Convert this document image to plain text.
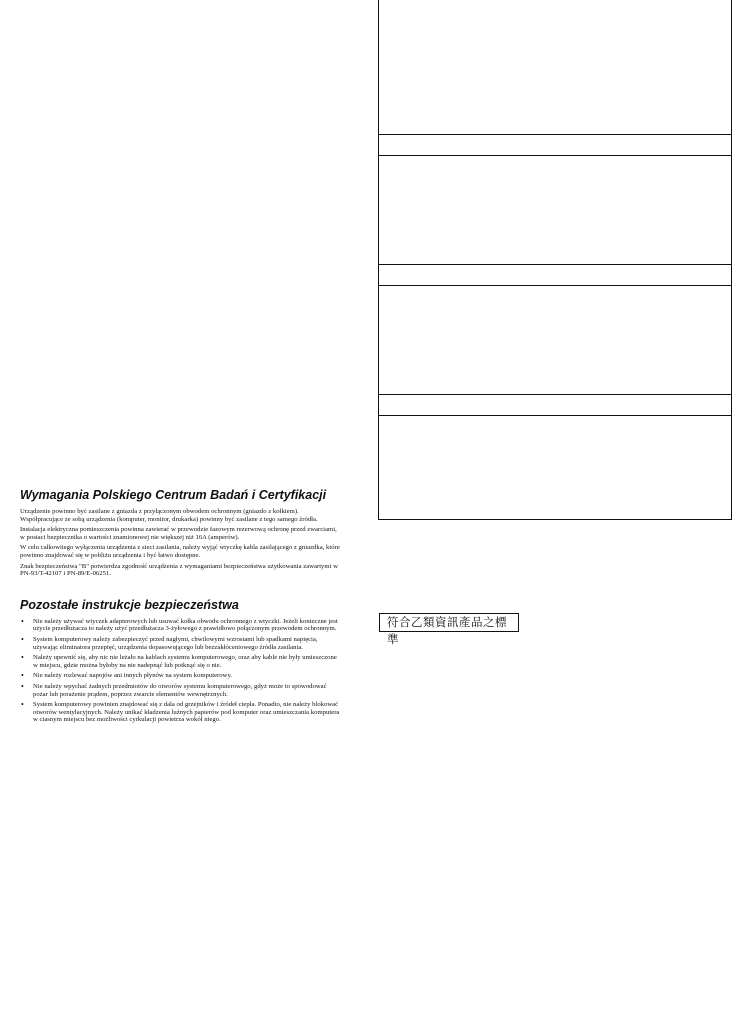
Wymagania Polskiego Centrum Badań i Certyfikacji

Urządzenie powinno być zasilane z gniazda z przyłączonym obwodem ochronnym (gniazdo z kołkiem). Współpracujące ze sobą urządzenia (komputer, monitor, drukarka) powinny być zasilane z tego samego źródła.

Instalacja elektryczna pomieszczenia powinna zawierać w przewodzie fazowym rezerwową ochronę przed zwarciami, w postaci bezpiecznika o wartości znamionowej nie większej niż 16A (amperów).

W celu całkowitego wyłączenia urządzenia z sieci zasilania, należy wyjąć wtyczkę kabla zasilającego z gniazdka, które powinno znajdować się w pobliżu urządzenia i być łatwo dostępne.

Znak bezpieczeństwa "B" potwierdza zgodność urządzenia z wymaganiami bezpieczeństwa użytkowania zawartymi w PN-93/T-42107 i PN-89/E-06251.

Pozostałe instrukcje bezpieczeństwa
• Nie należy używać wtyczek adapterowych lub usuwać kołka obwodu ochronnego z wtyczki. Jeżeli konieczne jest użycie przedłużacza to należy użyć przedłużacza 3-żyłowego z prawidłowo połączonym przewodem ochronnym.
• System komputerowy należy zabezpieczyć przed nagłymi, chwilowymi wzrostami lub spadkami napięcia, używając eliminatora przepięć, urządzenia dopasowującego lub bezzakłóceniowego źródła zasilania.
• Należy upewnić się, aby nic nie leżało na kablach systemu komputerowego, oraz aby kable nie były umieszczone w miejscu, gdzie można byłoby na nie nadepnąć lub potknąć się o nie.
• Nie należy rozlewać napojów ani innych płynów na system komputerowy.
• Nie należy wpychać żadnych przedmiotów do otworów systemu komputerowego, gdyż może to spowodować pożar lub porażenie prądem, poprzez zwarcie elementów wewnętrznych.
• System komputerowy powinien znajdować się z dala od grzejników i źródeł ciepła. Ponadto, nie należy blokować otworów wentylacyjnych. Należy unikać kładzenia luźnych papierów pod komputer oraz umieszczania komputera w ciasnym miejscu bez możliwości cyrkulacji powietrza wokół niego.
符合乙類資訊產品之標準
